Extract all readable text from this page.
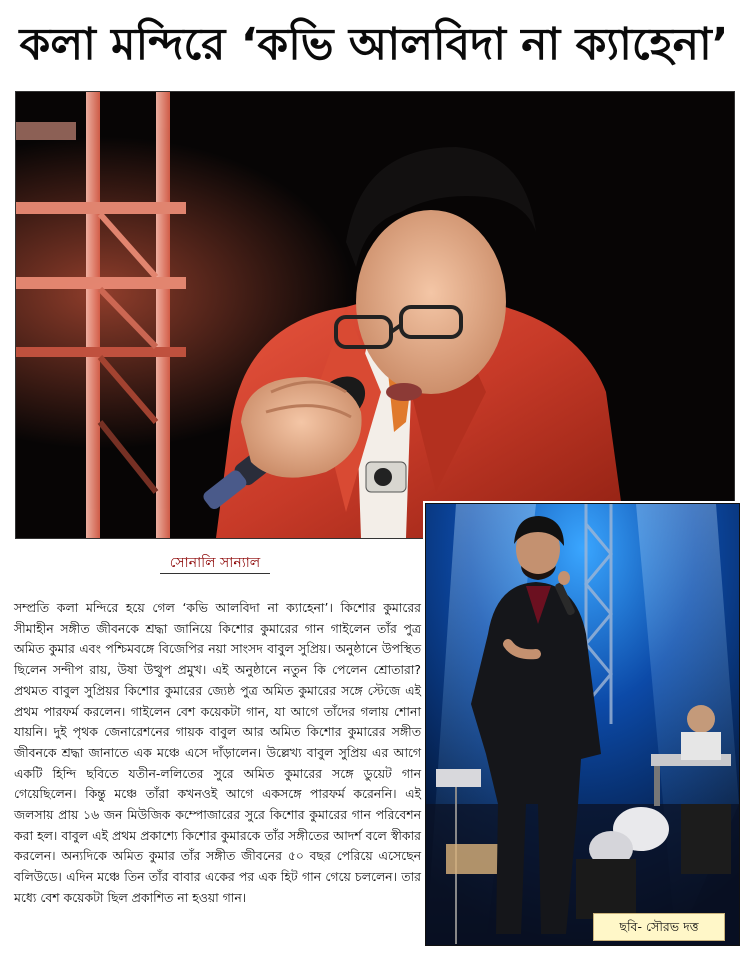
কলা মন্দিরে ‘কভি আলবিদা না ক্যাহেনা’
সোনালি সান্যাল
সম্প্রতি কলা মন্দিরে হয়ে গেল ‘কভি আলবিদা না ক্যাহেনা’। কিশোর কুমারের সীমাহীন সঙ্গীত জীবনকে শ্রদ্ধা জানিয়ে কিশোর কুমারের গান গাইলেন তাঁর পুত্র অমিত কুমার এবং পশ্চিমবঙ্গে বিজেপির নয়া সাংসদ বাবুল সুপ্রিয়। অনুষ্ঠানে উপস্থিত ছিলেন সন্দীপ রায়, উষা উত্থুপ প্রমুখ। এই অনুষ্ঠানে নতুন কি পেলেন শ্রোতারা? প্রথমত বাবুল সুপ্রিয়র কিশোর কুমারের জ্যেষ্ঠ পুত্র অমিত কুমারের সঙ্গে স্টেজে এই প্রথম পারফর্ম করলেন। গাইলেন বেশ কয়েকটা গান, যা আগে তাঁদের গলায় শোনা যায়নি। দুই পৃথক জেনারেশনের গায়ক বাবুল আর অমিত কিশোর কুমারের সঙ্গীত জীবনকে শ্রদ্ধা জানাতে এক মঞ্চে এসে দাঁড়ালেন। উল্লেখ্য বাবুল সুপ্রিয় এর আগে একটি হিন্দি ছবিতে যতীন-ললিতের সুরে অমিত কুমারের সঙ্গে ডুয়েট গান গেয়েছিলেন। কিন্তু মঞ্চে তাঁরা কখনওই আগে একসঙ্গে পারফর্ম করেননি। এই জলসায় প্রায় ১৬ জন মিউজিক কম্পোজারের সুরে কিশোর কুমারের গান পরিবেশন করা হল। বাবুল এই প্রথম প্রকাশ্যে কিশোর কুমারকে তাঁর সঙ্গীতের আদর্শ বলে স্বীকার করলেন। অন্যদিকে অমিত কুমার তাঁর সঙ্গীত জীবনের ৫০ বছর পেরিয়ে এসেছেন বলিউডে। এদিন মঞ্চে তিন তাঁর বাবার একের পর এক হিট গান গেয়ে চললেন। তার মধ্যে বেশ কয়েকটা ছিল প্রকাশিত না হওয়া গান।
ছবি- সৌরভ দত্ত
